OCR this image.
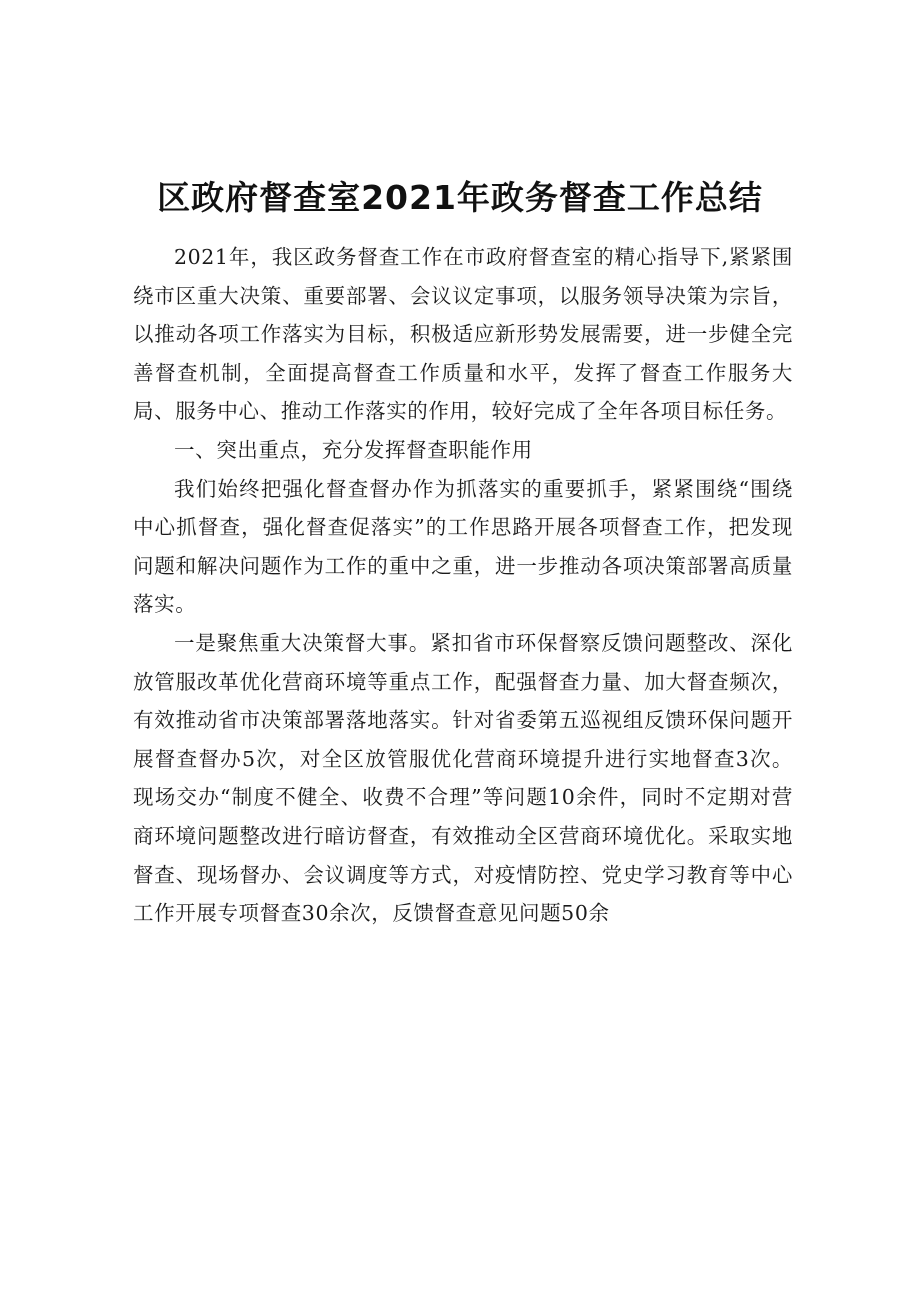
区政府督查室2021年政务督查工作总结

2021年，我区政务督查工作在市政府督查室的精心指导下,紧紧围绕市区重大决策、重要部署、会议议定事项，以服务领导决策为宗旨，以推动各项工作落实为目标，积极适应新形势发展需要，进一步健全完善督查机制，全面提高督查工作质量和水平，发挥了督查工作服务大局、服务中心、推动工作落实的作用，较好完成了全年各项目标任务。

一、突出重点，充分发挥督查职能作用

我们始终把强化督查督办作为抓落实的重要抓手，紧紧围绕“围绕中心抓督查，强化督查促落实”的工作思路开展各项督查工作，把发现问题和解决问题作为工作的重中之重，进一步推动各项决策部署高质量落实。

一是聚焦重大决策督大事。紧扣省市环保督察反馈问题整改、深化放管服改革优化营商环境等重点工作，配强督查力量、加大督查频次，有效推动省市决策部署落地落实。针对省委第五巡视组反馈环保问题开展督查督办5次，对全区放管服优化营商环境提升进行实地督查3次。现场交办“制度不健全、收费不合理”等问题10余件，同时不定期对营商环境问题整改进行暗访督查，有效推动全区营商环境优化。采取实地督查、现场督办、会议调度等方式，对疫情防控、党史学习教育等中心工作开展专项督查30余次，反馈督查意见问题50余
